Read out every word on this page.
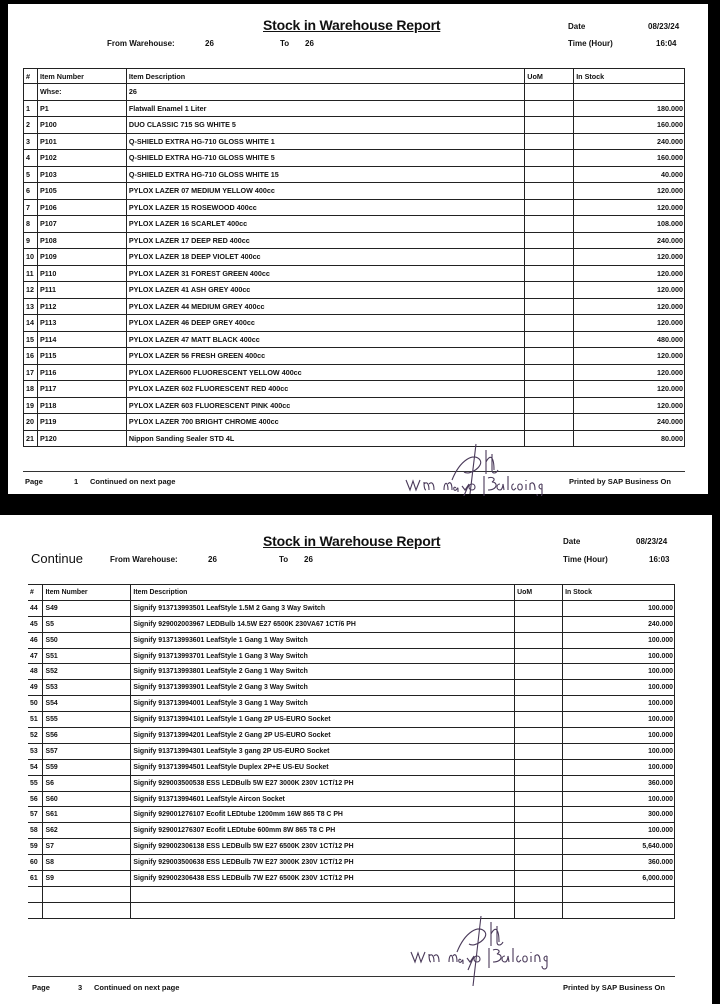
Stock in Warehouse Report	Date	08/23/24
From Warehouse:	26	To 26	Time (Hour)	16:04
#	Item Number	Item Description	UoM	In Stock
	Whse:	26		
1	P1	Flatwall Enamel 1 Liter		180.000
2	P100	DUO CLASSIC 715 SG WHITE 5		160.000
3	P101	Q-SHIELD EXTRA HG-710 GLOSS WHITE 1		240.000
4	P102	Q-SHIELD EXTRA HG-710 GLOSS WHITE 5		160.000
5	P103	Q-SHIELD EXTRA HG-710 GLOSS WHITE 15		40.000
6	P105	PYLOX LAZER 07 MEDIUM YELLOW 400cc		120.000
7	P106	PYLOX LAZER 15 ROSEWOOD 400cc		120.000
8	P107	PYLOX LAZER 16 SCARLET 400cc		108.000
9	P108	PYLOX LAZER 17 DEEP RED 400cc		240.000
10	P109	PYLOX LAZER 18 DEEP VIOLET 400cc		120.000
11	P110	PYLOX LAZER 31 FOREST GREEN 400cc		120.000
12	P111	PYLOX LAZER 41 ASH GREY 400cc		120.000
13	P112	PYLOX LAZER 44 MEDIUM GREY 400cc		120.000
14	P113	PYLOX LAZER 46 DEEP GREY 400cc		120.000
15	P114	PYLOX LAZER 47 MATT BLACK 400cc		480.000
16	P115	PYLOX LAZER 56 FRESH GREEN 400cc		120.000
17	P116	PYLOX LAZER600 FLUORESCENT YELLOW 400cc		120.000
18	P117	PYLOX LAZER 602 FLUORESCENT RED 400cc		120.000
19	P118	PYLOX LAZER 603 FLUORESCENT PINK 400cc		120.000
20	P119	PYLOX LAZER 700 BRIGHT CHROME 400cc		240.000
21	P120	Nippon Sanding Sealer STD 4L		80.000
Page	1 Continued on next page	Printed by SAP Business On
Stock in Warehouse Report	Date	08/23/24
Continue	From Warehouse:	26	To 26	Time (Hour)	16:03
#	Item Number	Item Description	UoM	In Stock
44	S49	Signify 913713993501 LeafStyle 1.5M 2 Gang 3 Way Switch		100.000
45	S5	Signify 929002003967 LEDBulb 14.5W E27 6500K 230VA67 1CT/6 PH		240.000
46	S50	Signify 913713993601 LeafStyle 1 Gang 1 Way Switch		100.000
47	S51	Signify 913713993701 LeafStyle 1 Gang 3 Way Switch		100.000
48	S52	Signify 913713993801 LeafStyle 2 Gang 1 Way Switch		100.000
49	S53	Signify 913713993901 LeafStyle 2 Gang 3 Way Switch		100.000
50	S54	Signify 913713994001 LeafStyle 3 Gang 1 Way Switch		100.000
51	S55	Signify 913713994101 LeafStyle 1 Gang 2P US-EURO Socket		100.000
52	S56	Signify 913713994201 LeafStyle 2 Gang 2P US-EURO Socket		100.000
53	S57	Signify 913713994301 LeafStyle 3 gang 2P US-EURO Socket		100.000
54	S59	Signify 913713994501 LeafStyle Duplex 2P+E US-EU Socket		100.000
55	S6	Signify 929003500538 ESS LEDBulb 5W E27 3000K 230V 1CT/12 PH		360.000
56	S60	Signify 913713994601 LeafStyle Aircon Socket		100.000
57	S61	Signify 929001276107 Ecofit LEDtube 1200mm 16W 865 T8 C PH		300.000
58	S62	Signify 929001276307 Ecofit LEDtube 600mm 8W 865 T8 C PH		100.000
59	S7	Signify 929002306138 ESS LEDBulb 5W E27 6500K 230V 1CT/12 PH		5,640.000
60	S8	Signify 929003500638 ESS LEDBulb 7W E27 3000K 230V 1CT/12 PH		360.000
61	S9	Signify 929002306438 ESS LEDBulb 7W E27 6500K 230V 1CT/12 PH		6,000.000

Page	3 Continued on next page	Printed by SAP Business On
